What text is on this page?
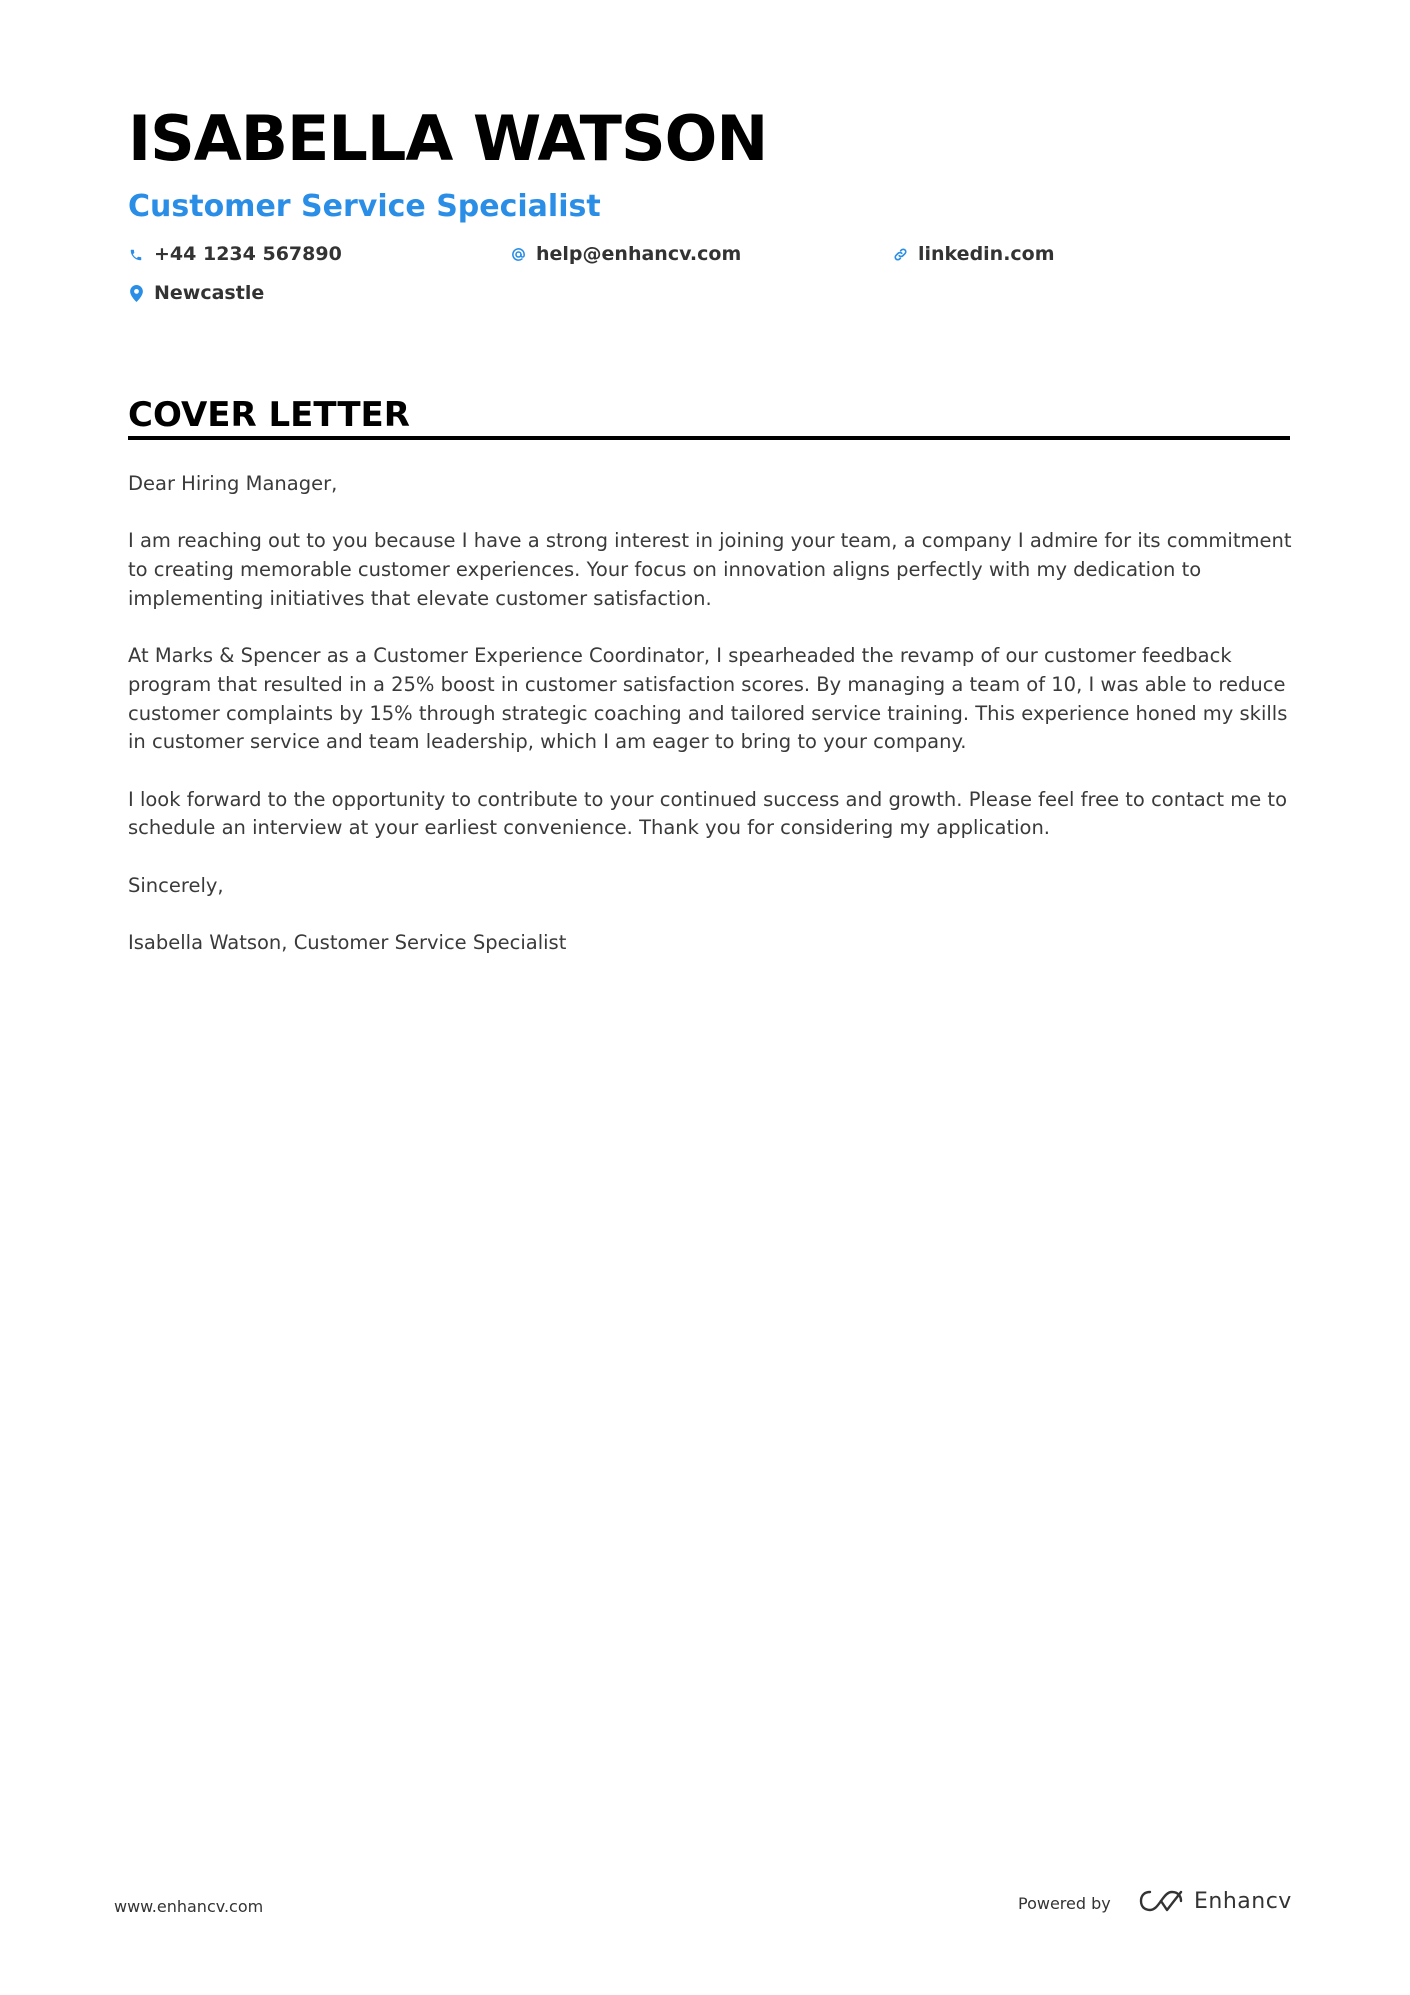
ISABELLA WATSON
Customer Service Specialist
+44 1234 567890	help@enhancv.com	linkedin.com
Newcastle
COVER LETTER

Dear Hiring Manager,

I am reaching out to you because I have a strong interest in joining your team, a company I admire for its commitment to creating memorable customer experiences. Your focus on innovation aligns perfectly with my dedication to implementing initiatives that elevate customer satisfaction.

At Marks & Spencer as a Customer Experience Coordinator, I spearheaded the revamp of our customer feedback program that resulted in a 25% boost in customer satisfaction scores. By managing a team of 10, I was able to reduce customer complaints by 15% through strategic coaching and tailored service training. This experience honed my skills in customer service and team leadership, which I am eager to bring to your company.

I look forward to the opportunity to contribute to your continued success and growth. Please feel free to contact me to schedule an interview at your earliest convenience. Thank you for considering my application.

Sincerely,

Isabella Watson, Customer Service Specialist

www.enhancv.com	Powered by	Enhancv
